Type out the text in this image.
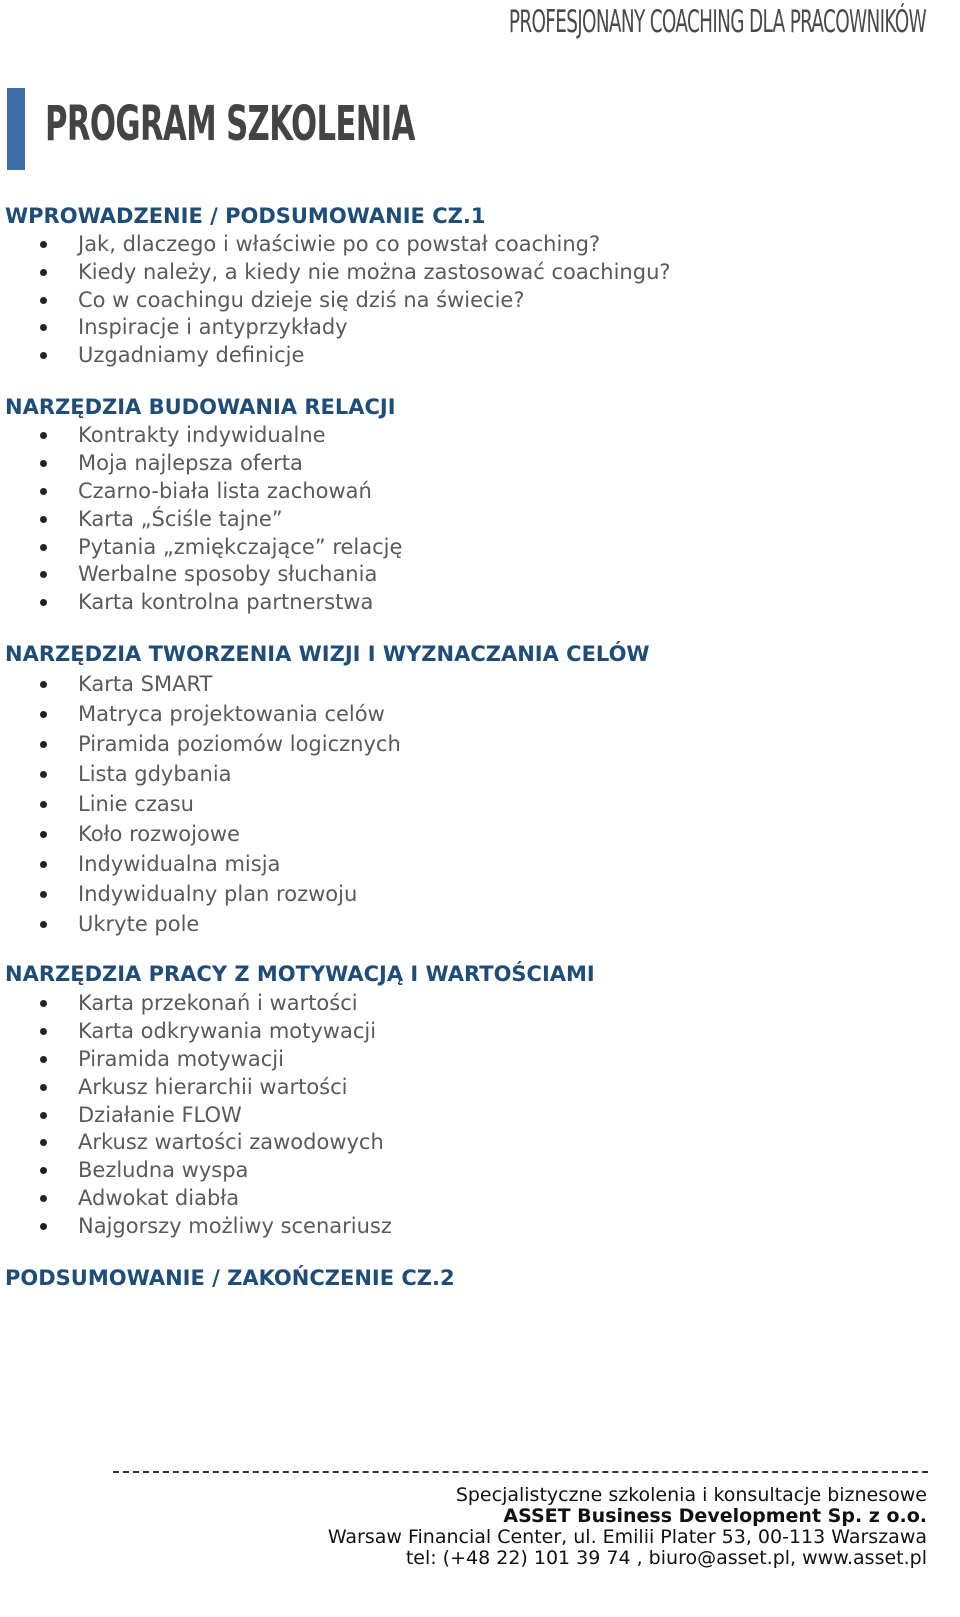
PROFESJONANY COACHING DLA PRACOWNIKÓW
PROGRAM SZKOLENIA
WPROWADZENIE / PODSUMOWANIE CZ.1
Jak, dlaczego i właściwie po co powstał coaching?
Kiedy należy, a kiedy nie można zastosować coachingu?
Co w coachingu dzieje się dziś na świecie?
Inspiracje i antyprzykłady
Uzgadniamy definicje
NARZĘDZIA BUDOWANIA RELACJI
Kontrakty indywidualne
Moja najlepsza oferta
Czarno-biała lista zachowań
Karta „Ściśle tajne”
Pytania „zmiękczające” relację
Werbalne sposoby słuchania
Karta kontrolna partnerstwa
NARZĘDZIA TWORZENIA WIZJI I WYZNACZANIA CELÓW
Karta SMART
Matryca projektowania celów
Piramida poziomów logicznych
Lista gdybania
Linie czasu
Koło rozwojowe
Indywidualna misja
Indywidualny plan rozwoju
Ukryte pole
NARZĘDZIA PRACY Z MOTYWACJĄ I WARTOŚCIAMI
Karta przekonań i wartości
Karta odkrywania motywacji
Piramida motywacji
Arkusz hierarchii wartości
Działanie FLOW
Arkusz wartości zawodowych
Bezludna wyspa
Adwokat diabła
Najgorszy możliwy scenariusz
PODSUMOWANIE / ZAKOŃCZENIE CZ.2
Specjalistyczne szkolenia i konsultacje biznesowe
ASSET Business Development Sp. z o.o.
Warsaw Financial Center, ul. Emilii Plater 53, 00-113 Warszawa
tel: (+48 22) 101 39 74 , biuro@asset.pl, www.asset.pl
